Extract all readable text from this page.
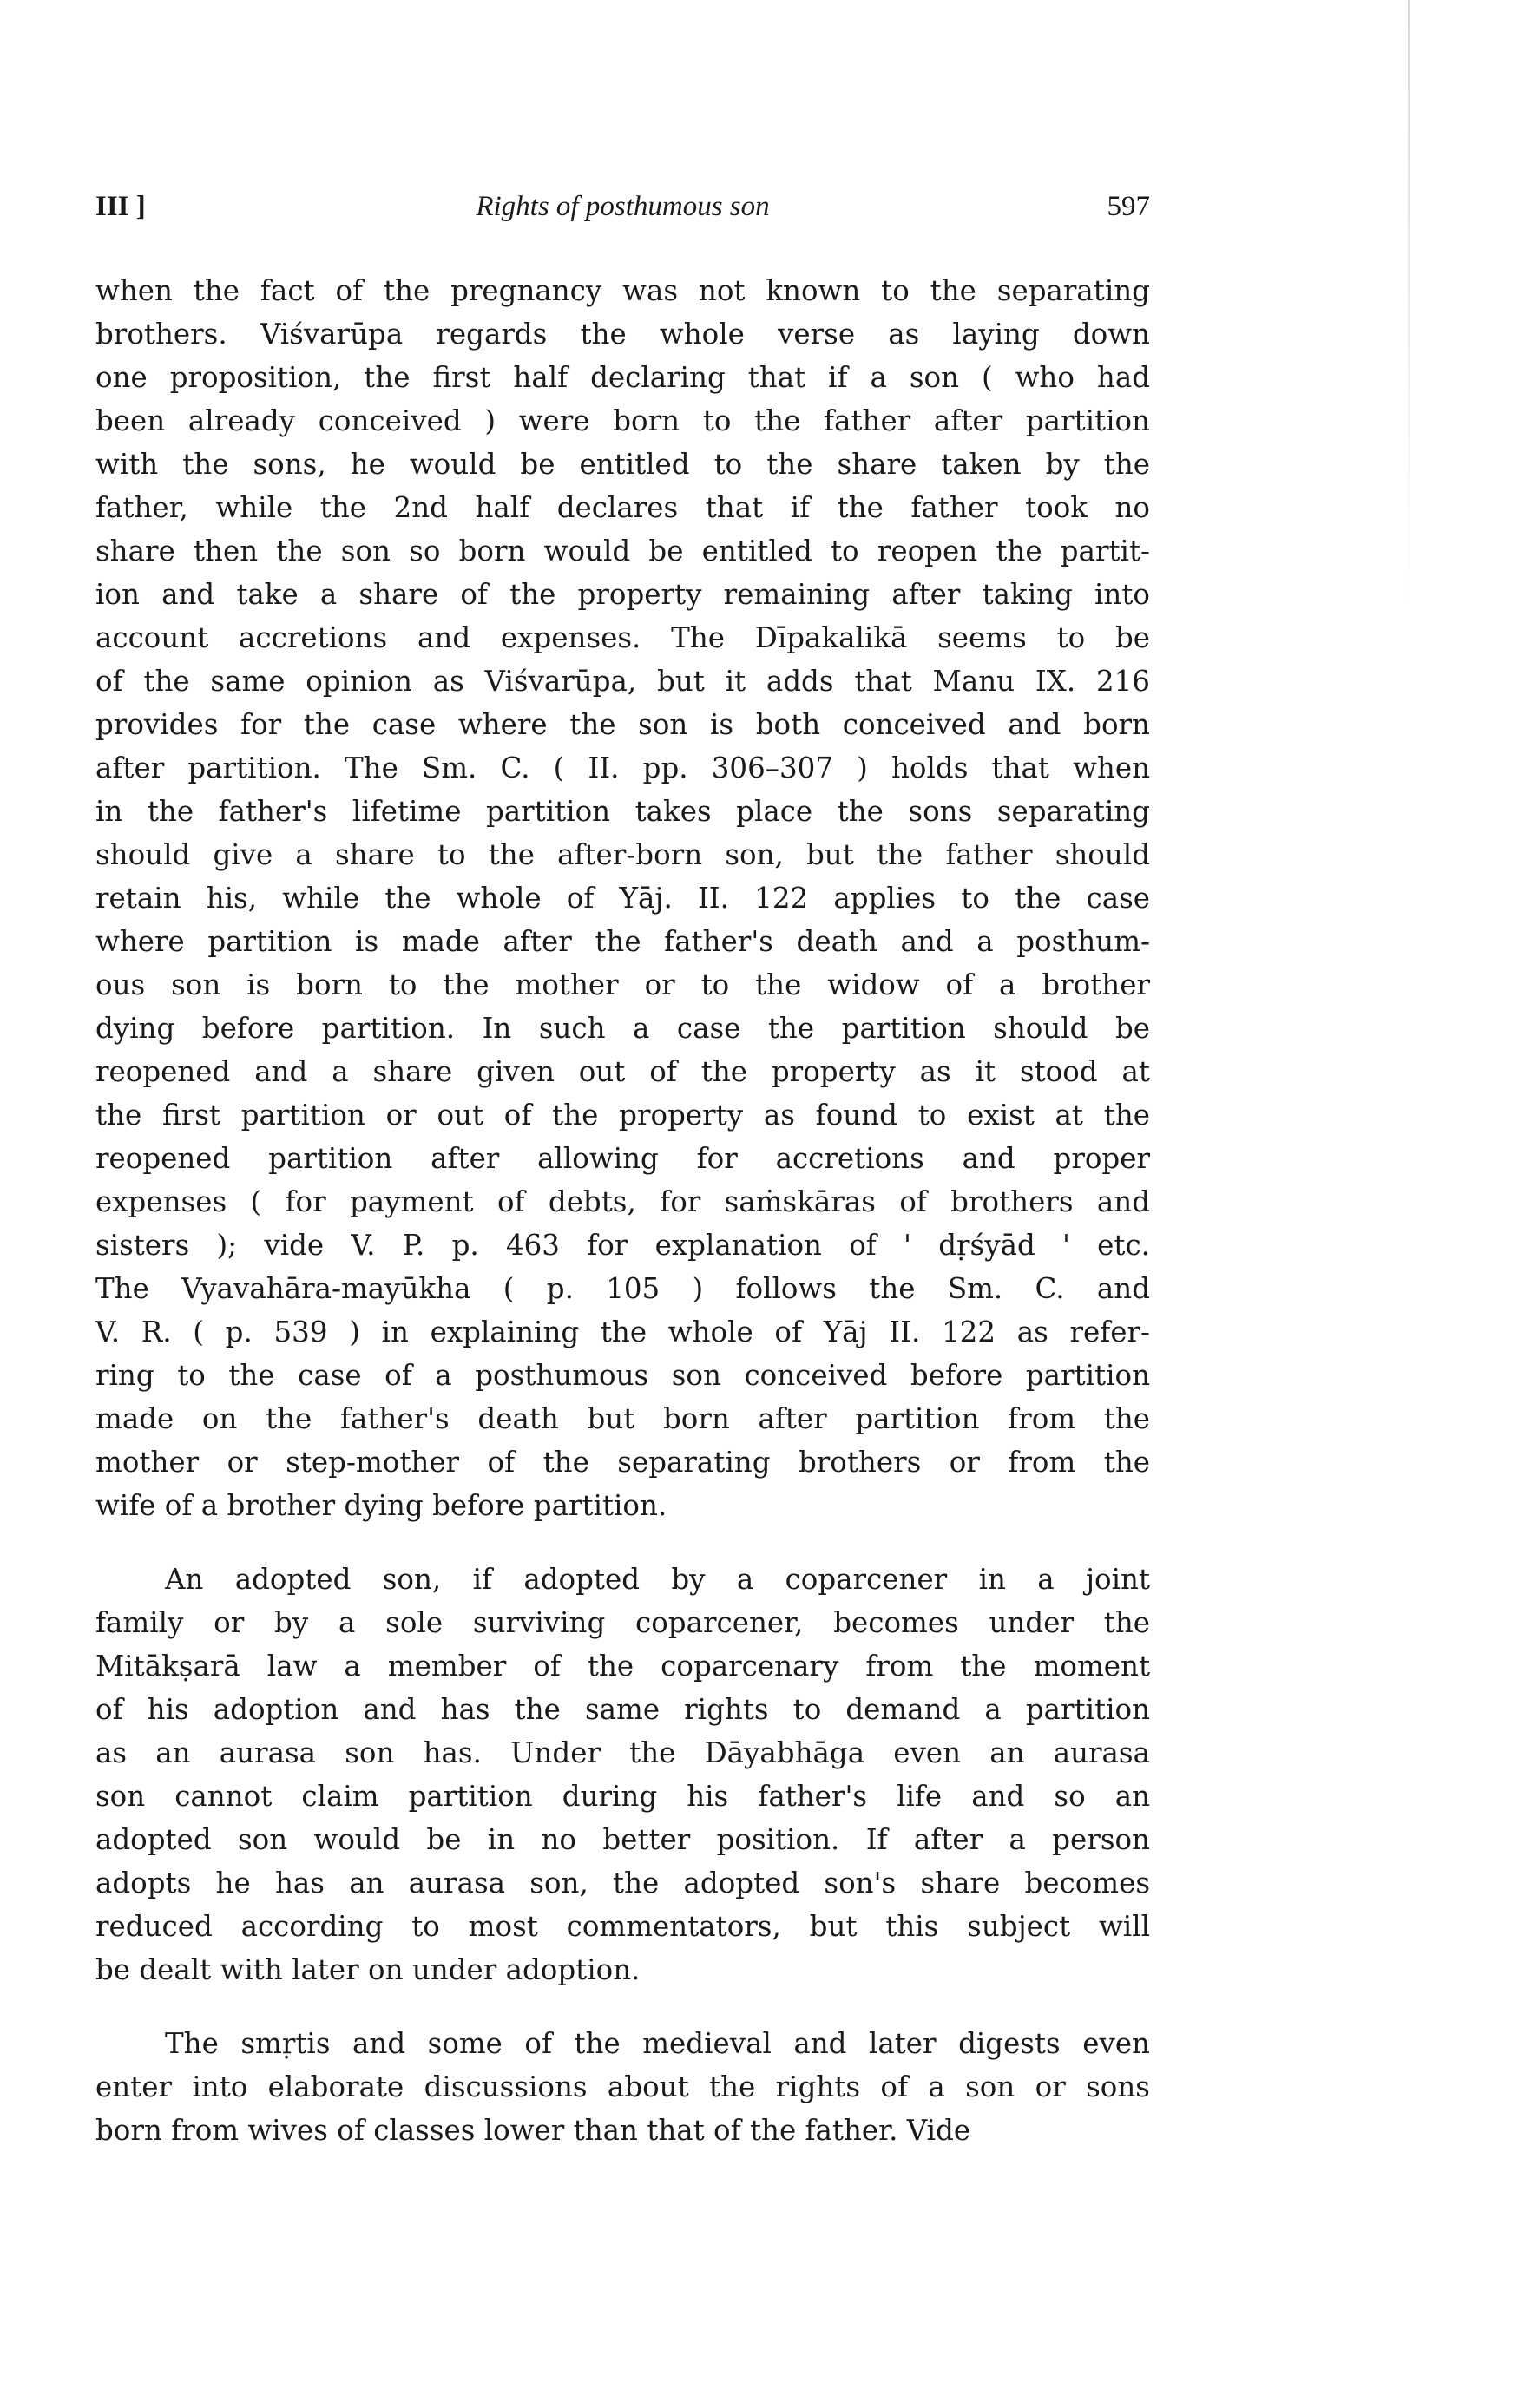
III ]	Rights of posthumous son	597
when the fact of the pregnancy was not known to the separating
brothers. Viśvarūpa regards the whole verse as laying down
one proposition, the first half declaring that if a son ( who had
been already conceived ) were born to the father after partition
with the sons, he would be entitled to the share taken by the
father, while the 2nd half declares that if the father took no
share then the son so born would be entitled to reopen the partit-
ion and take a share of the property remaining after taking into
account accretions and expenses. The Dīpakalikā seems to be
of the same opinion as Viśvarūpa, but it adds that Manu IX. 216
provides for the case where the son is both conceived and born
after partition. The Sm. C. ( II. pp. 306–307 ) holds that when
in the father's lifetime partition takes place the sons separating
should give a share to the after-born son, but the father should
retain his, while the whole of Yāj. II. 122 applies to the case
where partition is made after the father's death and a posthum-
ous son is born to the mother or to the widow of a brother
dying before partition. In such a case the partition should be
reopened and a share given out of the property as it stood at
the first partition or out of the property as found to exist at the
reopened partition after allowing for accretions and proper
expenses ( for payment of debts, for saṁskāras of brothers and
sisters ); vide V. P. p. 463 for explanation of ' dṛśyād ' etc.
The Vyavahāra-mayūkha ( p. 105 ) follows the Sm. C. and
V. R. ( p. 539 ) in explaining the whole of Yāj II. 122 as refer-
ring to the case of a posthumous son conceived before partition
made on the father's death but born after partition from the
mother or step-mother of the separating brothers or from the
wife of a brother dying before partition.
An adopted son, if adopted by a coparcener in a joint
family or by a sole surviving coparcener, becomes under the
Mitākṣarā law a member of the coparcenary from the moment
of his adoption and has the same rights to demand a partition
as an aurasa son has. Under the Dāyabhāga even an aurasa
son cannot claim partition during his father's life and so an
adopted son would be in no better position. If after a person
adopts he has an aurasa son, the adopted son's share becomes
reduced according to most commentators, but this subject will
be dealt with later on under adoption.
The smṛtis and some of the medieval and later digests even
enter into elaborate discussions about the rights of a son or sons
born from wives of classes lower than that of the father. Vide
